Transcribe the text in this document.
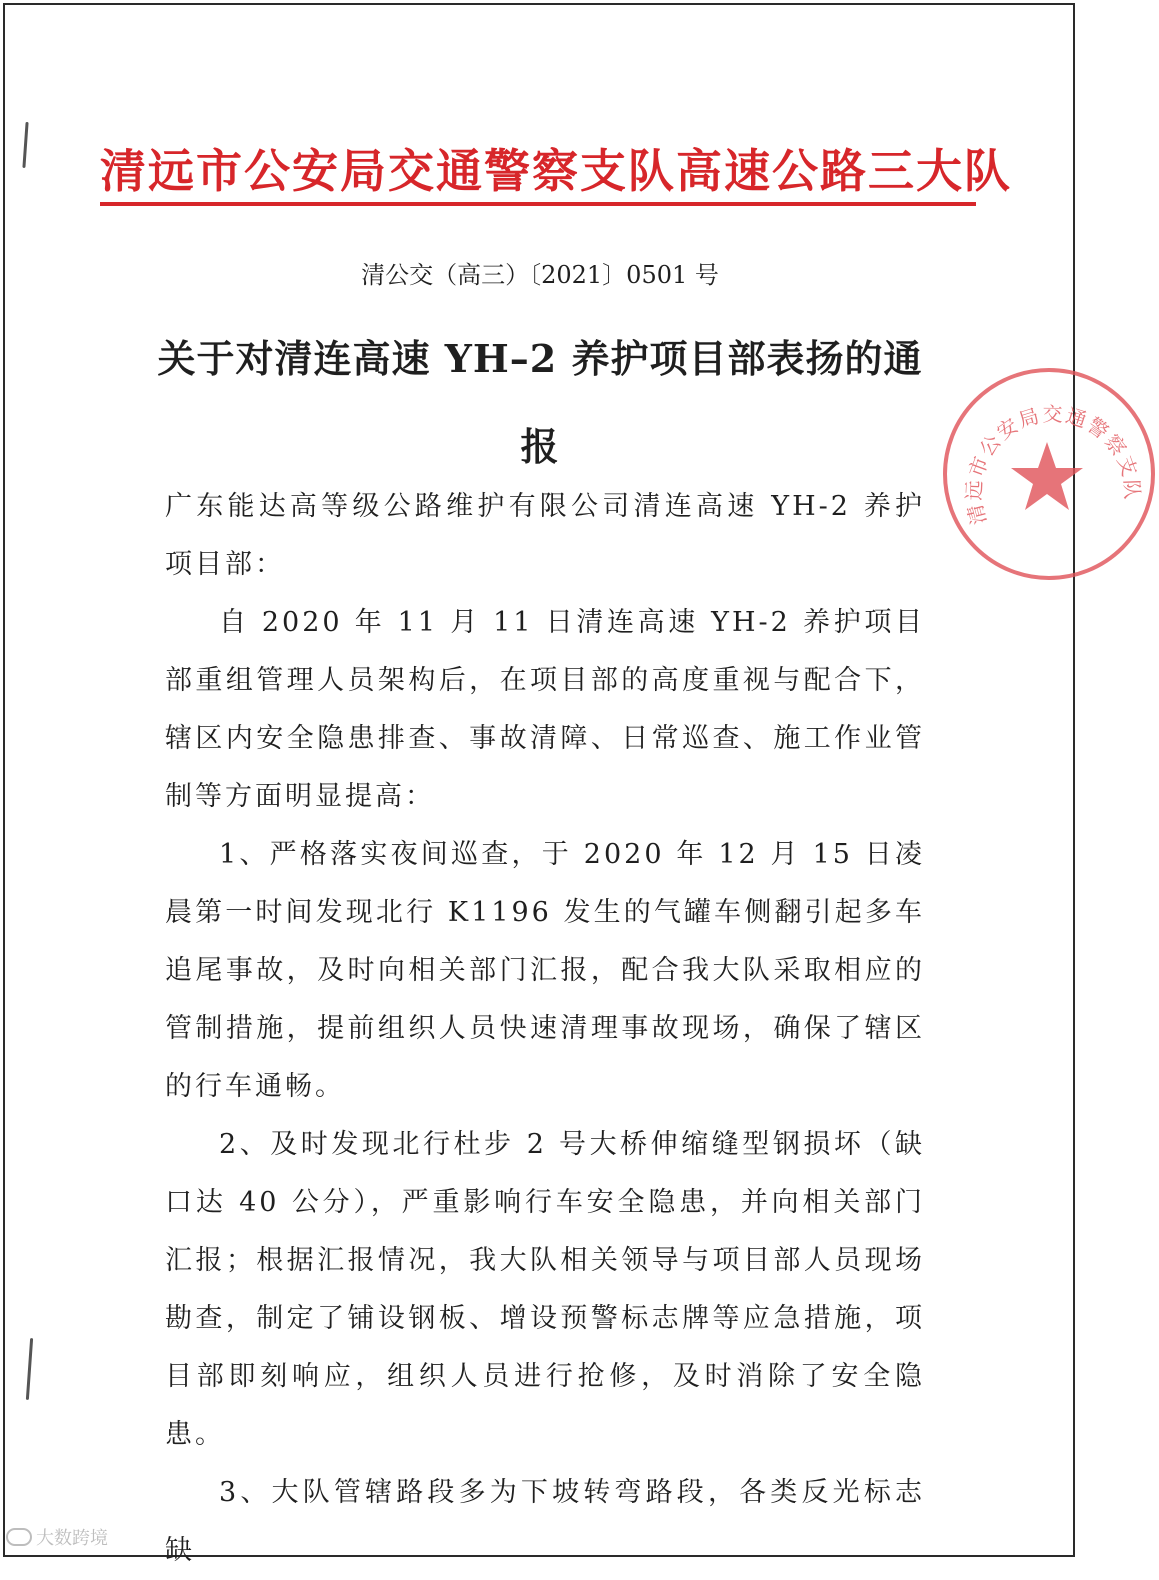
清远市公安局交通警察支队高速公路三大队
清公交（高三）〔2021〕0501 号
关于对清连高速 YH–2 养护项目部表扬的通报

广东能达高等级公路维护有限公司清连高速 YH-2 养护项目部：

自 2020 年 11 月 11 日清连高速 YH-2 养护项目部重组管理人员架构后，在项目部的高度重视与配合下，辖区内安全隐患排查、事故清障、日常巡查、施工作业管制等方面明显提高：

1、严格落实夜间巡查，于 2020 年 12 月 15 日凌晨第一时间发现北行 K1196 发生的气罐车侧翻引起多车追尾事故，及时向相关部门汇报，配合我大队采取相应的管制措施，提前组织人员快速清理事故现场，确保了辖区的行车通畅。

2、及时发现北行杜步 2 号大桥伸缩缝型钢损坏（缺口达 40 公分），严重影响行车安全隐患，并向相关部门汇报；根据汇报情况，我大队相关领导与项目部人员现场勘查，制定了铺设钢板、增设预警标志牌等应急措施，项目部即刻响应，组织人员进行抢修，及时消除了安全隐患。

3、大队管辖路段多为下坡转弯路段，各类反光标志缺

清远市公安局交通警察支队
大数跨境
